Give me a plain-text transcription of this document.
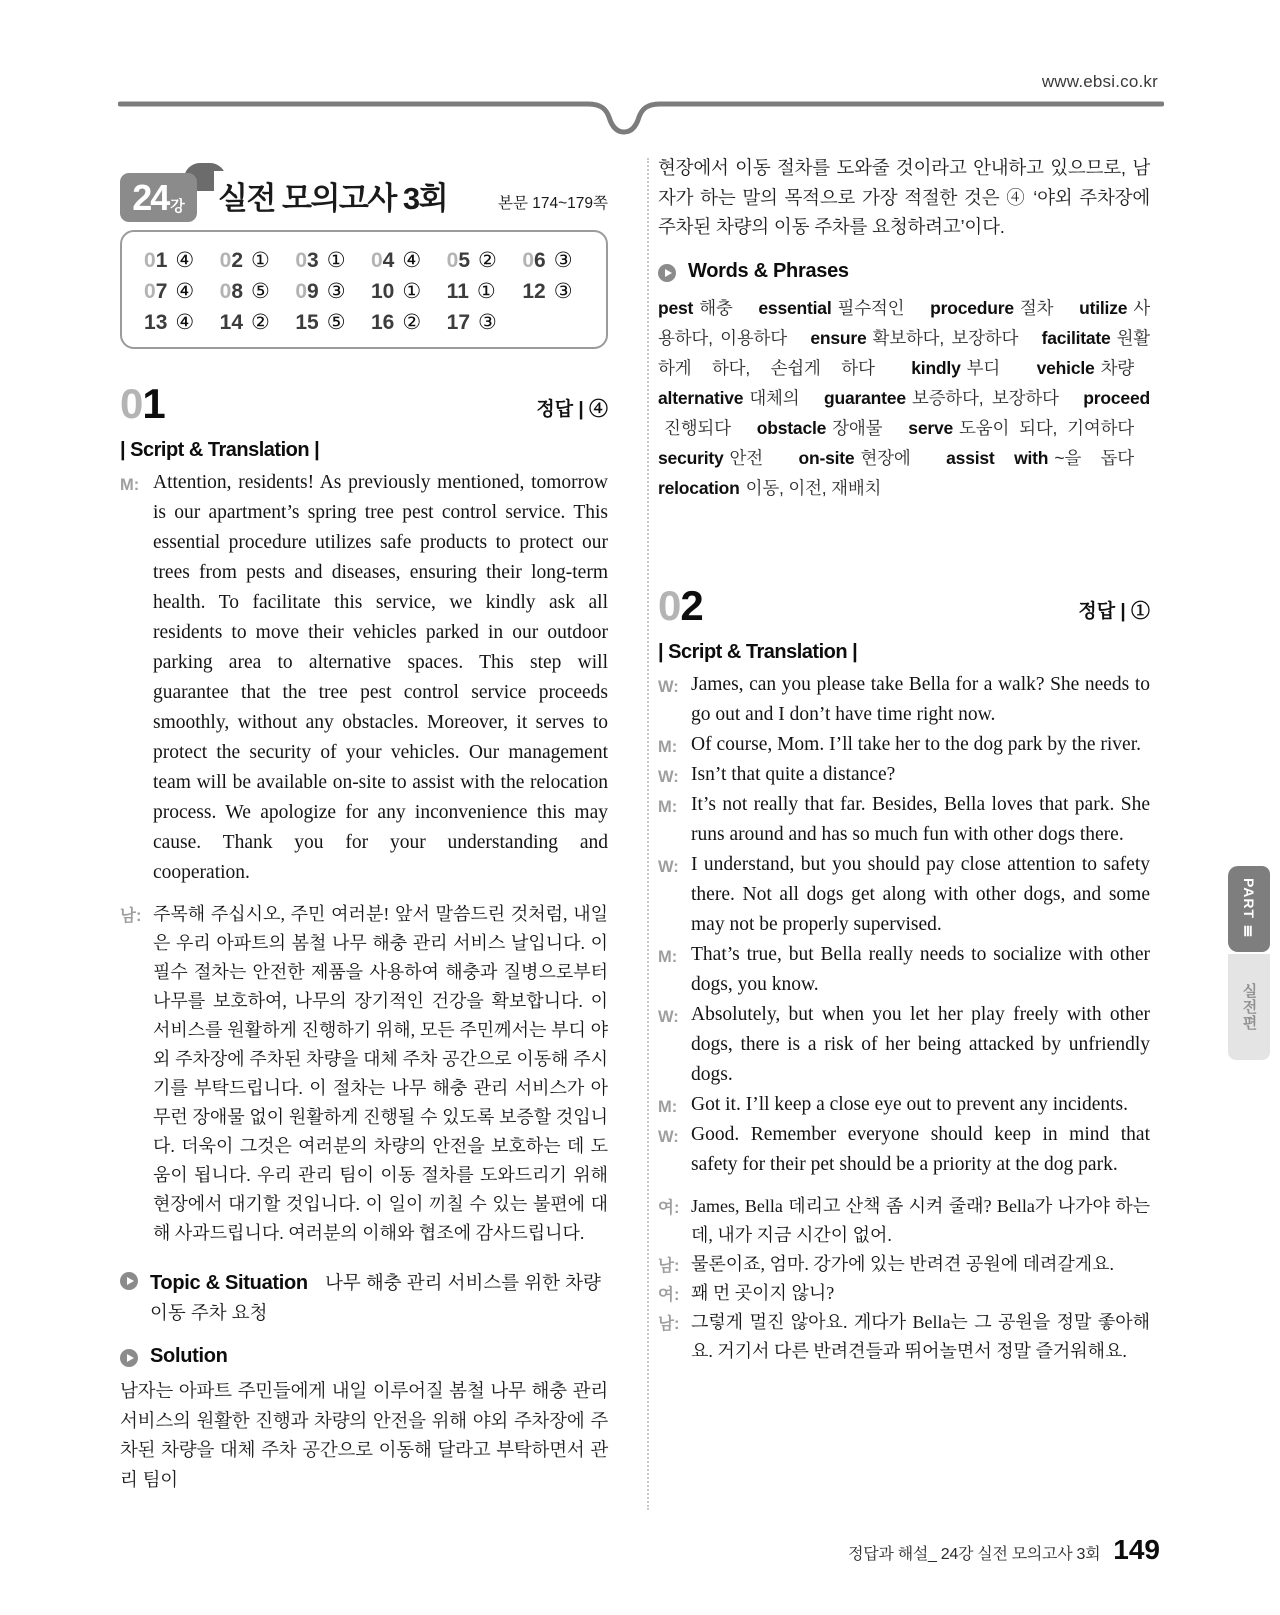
www.ebsi.co.kr
24 강 실전 모의고사 3회	본문 174~179쪽
01 ④ 02 ① 03 ① 04 ④ 05 ② 06 ③
07 ④ 08 ⑤ 09 ③ 10 ① 11 ① 12 ③
13 ④ 14 ② 15 ⑤ 16 ② 17 ③
01	정답 | ④
| Script & Translation |
M: Attention, residents! As previously mentioned, tomorrow is our apartment’s spring tree pest control service. This essential procedure utilizes safe products to protect our trees from pests and diseases, ensuring their long-term health. To facilitate this service, we kindly ask all residents to move their vehicles parked in our outdoor parking area to alternative spaces. This step will guarantee that the tree pest control service proceeds smoothly, without any obstacles. Moreover, it serves to protect the security of your vehicles. Our management team will be available on-site to assist with the relocation process. We apologize for any inconvenience this may cause. Thank you for your understanding and cooperation.
남: 주목해 주십시오, 주민 여러분! 앞서 말씀드린 것처럼, 내일은 우리 아파트의 봄철 나무 해충 관리 서비스 날입니다. 이 필수 절차는 안전한 제품을 사용하여 해충과 질병으로부터 나무를 보호하여, 나무의 장기적인 건강을 확보합니다. 이 서비스를 원활하게 진행하기 위해, 모든 주민께서는 부디 야외 주차장에 주차된 차량을 대체 주차 공간으로 이동해 주시기를 부탁드립니다. 이 절차는 나무 해충 관리 서비스가 아무런 장애물 없이 원활하게 진행될 수 있도록 보증할 것입니다. 더욱이 그것은 여러분의 차량의 안전을 보호하는 데 도움이 됩니다. 우리 관리 팀이 이동 절차를 도와드리기 위해 현장에서 대기할 것입니다. 이 일이 끼칠 수 있는 불편에 대해 사과드립니다. 여러분의 이해와 협조에 감사드립니다.
Topic & Situation 나무 해충 관리 서비스를 위한 차량 이동 주차 요청
Solution

남자는 아파트 주민들에게 내일 이루어질 봄철 나무 해충 관리 서비스의 원활한 진행과 차량의 안전을 위해 야외 주차장에 주차된 차량을 대체 주차 공간으로 이동해 달라고 부탁하면서 관리 팀이

현장에서 이동 절차를 도와줄 것이라고 안내하고 있으므로, 남자가 하는 말의 목적으로 가장 적절한 것은 ④ ‘야외 주차장에 주차된 차량의 이동 주차를 요청하려고’이다.

Words & Phrases
pest 해충 essential 필수적인 procedure 절차 utilize 사용하다, 이용하다 ensure 확보하다, 보장하다 facilitate 원활하게 하다, 손쉽게 하다 kindly 부디 vehicle 차량 alternative 대체의 guarantee 보증하다, 보장하다 proceed진행되다 obstacle 장애물 serve 도움이 되다, 기여하다 security 안전 on-site 현장에 assist with ~을 돕다 relocation 이동, 이전, 재배치
02	정답 | ①
| Script & Translation |
W: James, can you please take Bella for a walk? She needs to go out and I don’t have time right now.
M: Of course, Mom. I’ll take her to the dog park by the river.
W: Isn’t that quite a distance?
M: It’s not really that far. Besides, Bella loves that park. She runs around and has so much fun with other dogs there.
W: I understand, but you should pay close attention to safety there. Not all dogs get along with other dogs, and some may not be properly supervised.
M: That’s true, but Bella really needs to socialize with other dogs, you know.
W: Absolutely, but when you let her play freely with other dogs, there is a risk of her being attacked by unfriendly dogs.
M: Got it. I’ll keep a close eye out to prevent any incidents.
W: Good. Remember everyone should keep in mind that safety for their pet should be a priority at the dog park.
여: James, Bella 데리고 산책 좀 시켜 줄래? Bella가 나가야 하는데, 내가 지금 시간이 없어.
남: 물론이죠, 엄마. 강가에 있는 반려견 공원에 데려갈게요.
여: 꽤 먼 곳이지 않니?
남: 그렇게 멀진 않아요. 게다가 Bella는 그 공원을 정말 좋아해요. 거기서 다른 반려견들과 뛰어놀면서 정말 즐거워해요.
PART Ⅲ
실전편
정답과 해설_ 24강 실전 모의고사 3회 149
